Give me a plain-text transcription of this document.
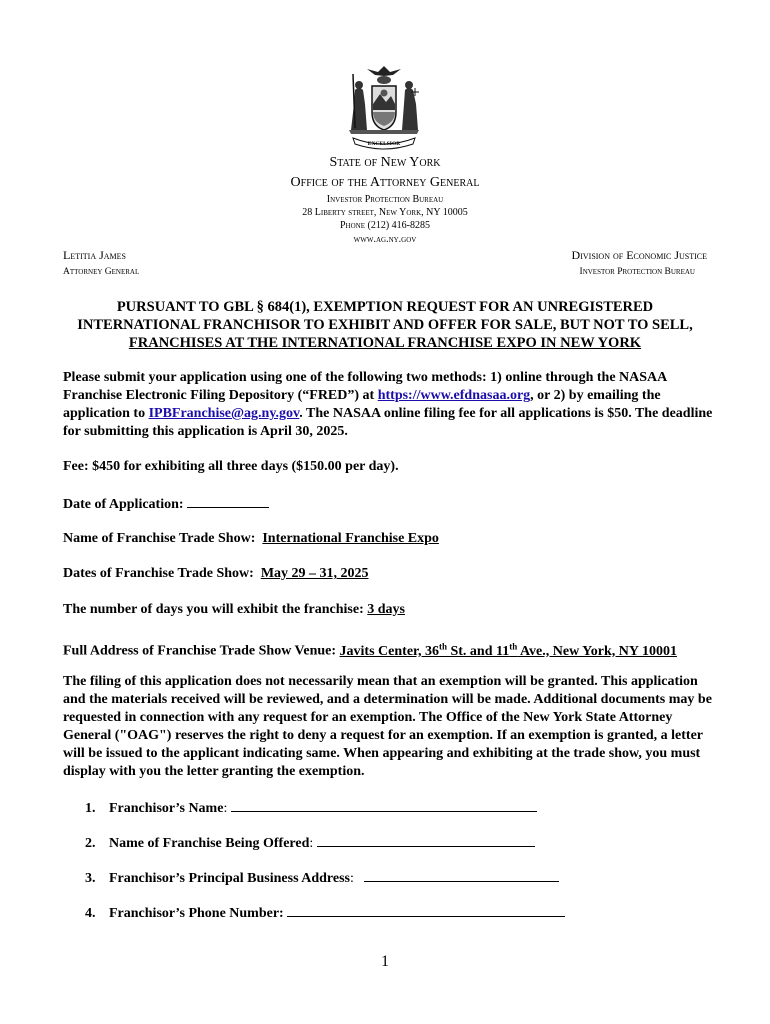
EXCELSIOR
State of New York
Office of the Attorney General
Investor Protection Bureau
28 Liberty street, New York, NY 10005
Phone (212) 416-8285
www.ag.ny.gov
Letitia James
Attorney General
Division of Economic Justice
Investor Protection Bureau
PURSUANT TO GBL § 684(1), EXEMPTION REQUEST FOR AN UNREGISTERED
INTERNATIONAL FRANCHISOR TO EXHIBIT AND OFFER FOR SALE, BUT NOT TO SELL,
FRANCHISES AT THE INTERNATIONAL FRANCHISE EXPO IN NEW YORK
Please submit your application using one of the following two methods: 1) online through the NASAA Franchise Electronic Filing Depository (“FRED”) at https://www.efdnasaa.org, or 2) by emailing the application to IPBFranchise@ag.ny.gov. The NASAA online filing fee for all applications is $50. The deadline for submitting this application is April 30, 2025.
Fee: $450 for exhibiting all three days ($150.00 per day).
Date of Application:
Name of Franchise Trade Show: International Franchise Expo
Dates of Franchise Trade Show: May 29 – 31, 2025
The number of days you will exhibit the franchise: 3 days
Full Address of Franchise Trade Show Venue: Javits Center, 36th St. and 11th Ave., New York, NY 10001
The filing of this application does not necessarily mean that an exemption will be granted. This application and the materials received will be reviewed, and a determination will be made. Additional documents may be requested in connection with any request for an exemption. The Office of the New York State Attorney General ("OAG") reserves the right to deny a request for an exemption. If an exemption is granted, a letter will be issued to the applicant indicating same. When appearing and exhibiting at the trade show, you must display with you the letter granting the exemption.
1. Franchisor’s Name:
2. Name of Franchise Being Offered:
3. Franchisor’s Principal Business Address:
4. Franchisor’s Phone Number:
1
